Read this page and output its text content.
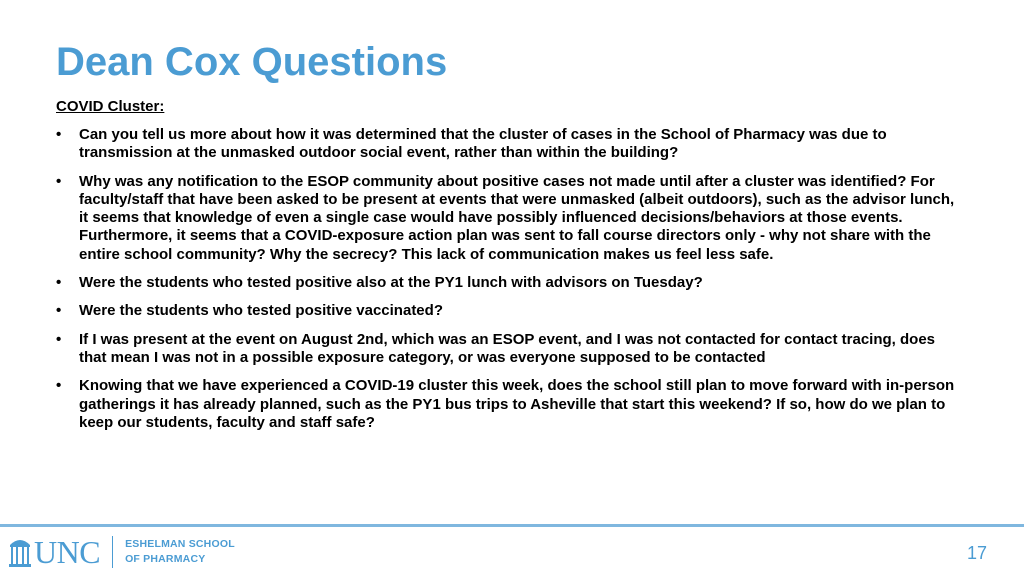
Dean Cox Questions
COVID Cluster:
•	Can you tell us more about how it was determined that the cluster of cases in the School of Pharmacy was due to transmission at the unmasked outdoor social event, rather than within the building?
•	Why was any notification to the ESOP community about positive cases not made until after a cluster was identified? For faculty/staff that have been asked to be present at events that were unmasked (albeit outdoors), such as the advisor lunch, it seems that knowledge of even a single case would have possibly influenced decisions/behaviors at those events. Furthermore, it seems that a COVID-exposure action plan was sent to fall course directors only - why not share with the entire school community? Why the secrecy? This lack of communication makes us feel less safe.
•	Were the students who tested positive also at the PY1 lunch with advisors on Tuesday?
•	Were the students who tested positive vaccinated?
•	If I was present at the event on August 2nd, which was an ESOP event, and I was not contacted for contact tracing, does that mean I was not in a possible exposure category, or was everyone supposed to be contacted
•	Knowing that we have experienced a COVID-19 cluster this week, does the school still plan to move forward with in-person gatherings it has already planned, such as the PY1 bus trips to Asheville that start this weekend? If so, how do we plan to keep our students, faculty and staff safe?
UNC ESHELMAN SCHOOL
OF PHARMACY	17
